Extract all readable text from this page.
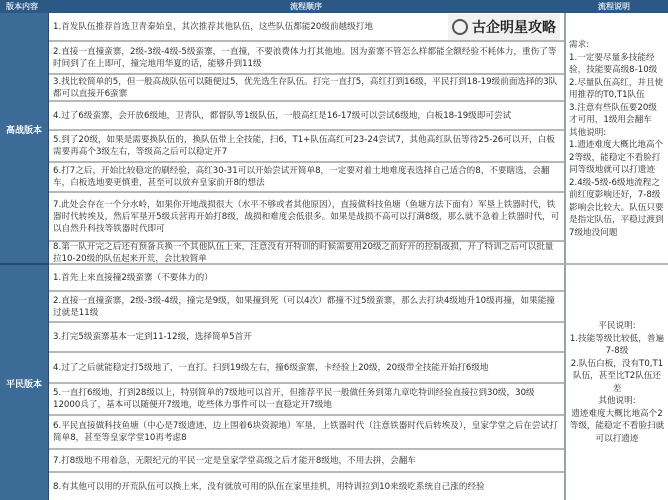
版本内容	流程顺序	流程说明
高战版本
平民版本
1.首发队伍推荐首选卫青秦始皇，其次推荐其他队伍，这些队伍都能20级前越级打地
2.直接一直撞蛮寨，2级-3级-4级-5级蛮寨，一直撞，不要浪费体力打其他地。因为蛮寨不管怎么样都能全额经验不耗体力，重伤了等时间到了在上即可，撞完地用华夏的话，能够升到11级
3.找比较简单的5，但一般高战队伍可以随便过5，优先选生存队伍。打完一直打5，高红打到16级，平民打到18-19级前面选择的3队都可以直接开6蛮寨
4.过了6级蛮寨，会开放6级地，卫青队，都督队等1级队伍，一般高红是16-17级可以尝试6级地，白板18-19级即可尝试
5.到了20级，如果是需要换队伍的，换队伍带上全技能，扫6，T1+队伍高红可23-24尝试7，其他高红队伍等待25-26可以开，白板需要再高个3级左右，等级高之后可以稳定开7
6.打7之后，开始比较稳定的刷经验，高红30-31可以开始尝试开简单8，一定要对着土地难度表选择自己适合的8，不要瞎选，会翻车，白板选地要更慎重，甚至可以放弃皇家前开8的想法
7.此处会存在一个分水岭，如果你开地战损很大（水平不够或者其他原因），直接做科技鱼塘（鱼塘方法下面有）军垦上铁器时代，铁器时代转埃及，然后军垦开5级兵营再开始打8级，战损和难度会低很多。如果是战损不高可以打满8级，那么就不急着上铁器时代，可以自然升科技等铁器时代即可
8.第一队开完之后还有预备兵换一个其他队伍上来，注意没有开特训的时候需要用20级之前好开的控制战损，开了特训之后可以批量拉10-20级的队伍起来开荒，会比较简单
1.首先上来直接撞2级蛮寨（不要体力的）
2.直接一直撞蛮寨，2级-3级-4级，撞完是9级，如果撞到死（可以4次）都撞不过5级蛮寨，那么去打块4级地升10级再撞，如果能撞过就是11级
3.打完5级蛮寨基本一定到11-12级，选择简单5首开
4.过了之后就能稳定打5级地了，一直打。扫到19级左右，撞6级蛮寨，卡经验上20级，20级带全技能开始打6级地
5.一直打6级地，打到28级以上，特别简单的7级地可以首开，但推荐平民一般做任务到第九章吃特训经验直接拉到30级，30级12000兵了，基本可以随便开7级地，吃些体力事件可以一直稳定开7级地
6.平民直接做科技鱼塘（中心是7级遗迹，边上围着6块资源地）军垦，上铁器时代（注意铁器时代后转埃及），皇家学堂之后在尝试打简单8，甚至等皇家学堂10再考虑8
7.打8级地不用着急，无限纪元的平民一定是皇家学堂高级之后才能开8级地，不用去拼，会翻车
8.有其他可以用的开荒队伍可以换上来，没有就放可用的队伍在家里挂机，用特训拉到10来级吃系统自己涨的经验
需求:
1.一定要尽量多技能经验，技能要高级8-10级
2.尽量队伍高红，并且使用推荐的T0,T1队伍
3.注意有些队伍要20级才可用，1级用会翻车
其他说明:
1.遗迹难度大概比地高个2等级，能稳定不看脸打同等级地就可以打遗迹
2.4级-5级-6级地流程之前红度影响还好，7-8级影响会比较大。队伍只要是指定队伍，平稳过渡到7级地没问题
平民说明:
1.技能等级比较低，普遍7-8级
2.队伍白板，没有T0,T1队伍，甚至比T2队伍还差
其他说明:
遗迹难度大概比地高个2等级，能稳定不看脸扫就可以打遗迹
古企明星攻略
